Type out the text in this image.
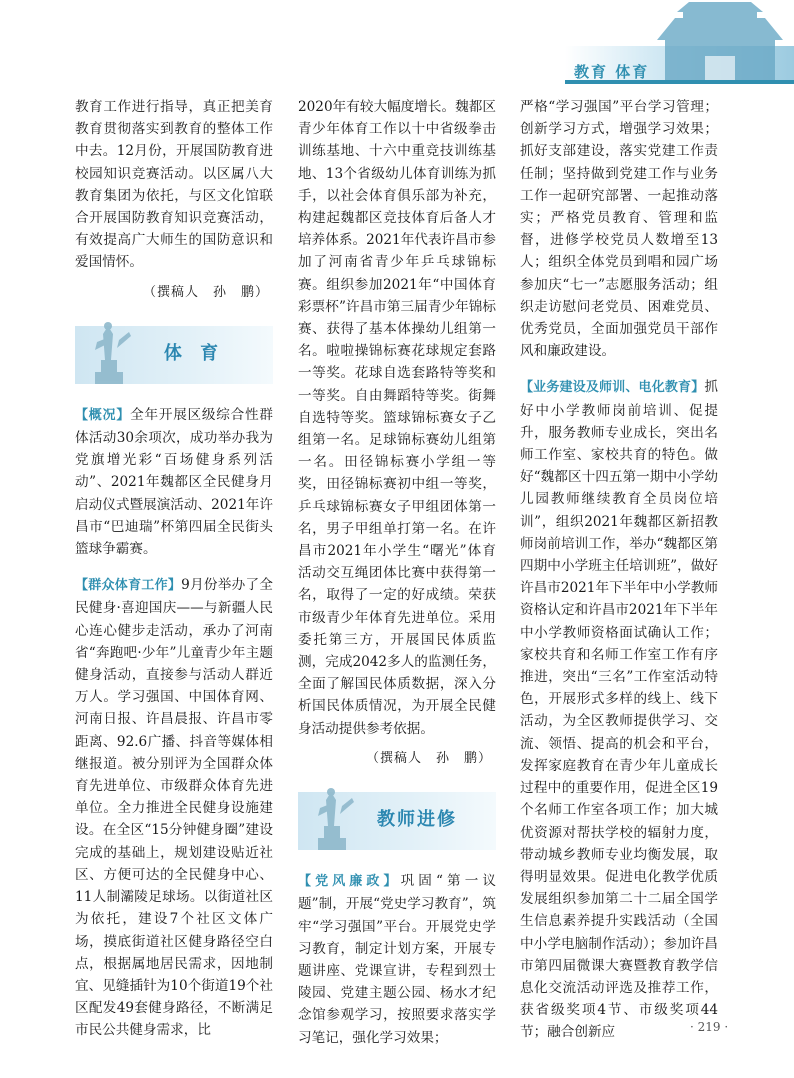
教育 体育

教育工作进行指导，真正把美育教育贯彻落实到教育的整体工作中去。12月份，开展国防教育进校园知识竞赛活动。以区属八大教育集团为依托，与区文化馆联合开展国防教育知识竞赛活动，有效提高广大师生的国防意识和爱国情怀。

（撰稿人　孙　鹏）
体 育

【概况】全年开展区级综合性群体活动30余项次，成功举办我为党旗增光彩“百场健身系列活动”、2021年魏都区全民健身月启动仪式暨展演活动、2021年许昌市“巴迪瑞”杯第四届全民街头篮球争霸赛。

【群众体育工作】9月份举办了全民健身·喜迎国庆——与新疆人民心连心健步走活动，承办了河南省“奔跑吧·少年”儿童青少年主题健身活动，直接参与活动人群近万人。学习强国、中国体育网、河南日报、许昌晨报、许昌市零距离、92.6广播、抖音等媒体相继报道。被分别评为全国群众体育先进单位、市级群众体育先进单位。全力推进全民健身设施建设。在全区“15分钟健身圈”建设完成的基础上，规划建设贴近社区、方便可达的全民健身中心、11人制灞陵足球场。以街道社区为依托，建设7个社区文体广场，摸底街道社区健身路径空白点，根据属地居民需求，因地制宜、见缝插针为10个街道19个社区配发49套健身路径，不断满足市民公共健身需求，比

2020年有较大幅度增长。魏都区青少年体育工作以十中省级拳击训练基地、十六中重竞技训练基地、13个省级幼儿体育训练为抓手，以社会体育俱乐部为补充，构建起魏都区竞技体育后备人才培养体系。2021年代表许昌市参加了河南省青少年乒乓球锦标赛。组织参加2021年“中国体育彩票杯”许昌市第三届青少年锦标赛、获得了基本体操幼儿组第一名。啦啦操锦标赛花球规定套路一等奖。花球自选套路特等奖和一等奖。自由舞蹈特等奖。街舞自选特等奖。篮球锦标赛女子乙组第一名。足球锦标赛幼儿组第一名。田径锦标赛小学组一等奖，田径锦标赛初中组一等奖，乒乓球锦标赛女子甲组团体第一名，男子甲组单打第一名。在许昌市2021年小学生“曙光”体育活动交互绳团体比赛中获得第一名，取得了一定的好成绩。荣获市级青少年体育先进单位。采用委托第三方，开展国民体质监测，完成2042多人的监测任务，全面了解国民体质数据，深入分析国民体质情况，为开展全民健身活动提供参考依据。

（撰稿人　孙　鹏）
教师进修

【党风廉政】巩固“第一议题”制，开展“党史学习教育”，筑牢“学习强国”平台。开展党史学习教育，制定计划方案，开展专题讲座、党课宣讲，专程到烈士陵园、党建主题公园、杨水才纪念馆参观学习，按照要求落实学习笔记，强化学习效果；

严格“学习强国”平台学习管理；创新学习方式，增强学习效果；抓好支部建设，落实党建工作责任制；坚持做到党建工作与业务工作一起研究部署、一起推动落实；严格党员教育、管理和监督，进修学校党员人数增至13人；组织全体党员到唱和园广场参加庆“七一”志愿服务活动；组织走访慰问老党员、困难党员、优秀党员，全面加强党员干部作风和廉政建设。

【业务建设及师训、电化教育】抓好中小学教师岗前培训、促提升，服务教师专业成长，突出名师工作室、家校共育的特色。做好“魏都区十四五第一期中小学幼儿园教师继续教育全员岗位培训”，组织2021年魏都区新招教师岗前培训工作，举办“魏都区第四期中小学班主任培训班”，做好许昌市2021年下半年中小学教师资格认定和许昌市2021年下半年中小学教师资格面试确认工作；家校共育和名师工作室工作有序推进，突出“三名”工作室活动特色，开展形式多样的线上、线下活动，为全区教师提供学习、交流、领悟、提高的机会和平台，发挥家庭教育在青少年儿童成长过程中的重要作用，促进全区19个名师工作室各项工作；加大城优资源对帮扶学校的辐射力度，带动城乡教师专业均衡发展，取得明显效果。促进电化教学优质发展组织参加第二十二届全国学生信息素养提升实践活动（全国中小学电脑制作活动）；参加许昌市第四届微课大赛暨教育教学信息化交流活动评选及推荐工作，获省级奖项4节、市级奖项44节；融合创新应	· 219 ·
